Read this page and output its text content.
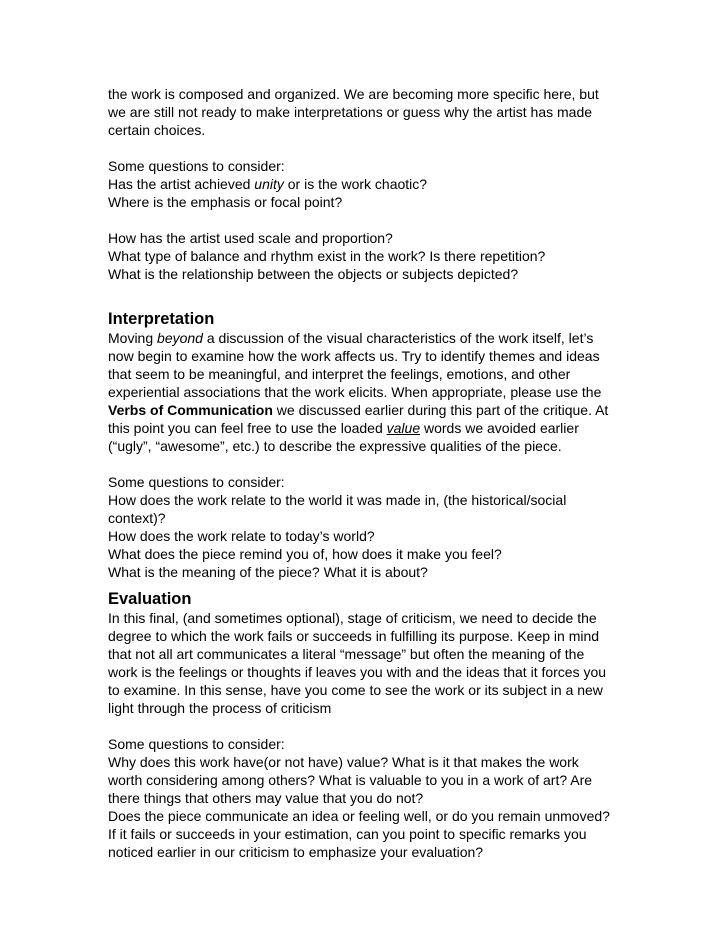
the work is composed and organized. We are becoming more specific here, but
we are still not ready to make interpretations or guess why the artist has made
certain choices.
Some questions to consider:
Has the artist achieved unity or is the work chaotic?
Where is the emphasis or focal point?
How has the artist used scale and proportion?
What type of balance and rhythm exist in the work? Is there repetition?
What is the relationship between the objects or subjects depicted?
Interpretation
Moving beyond a discussion of the visual characteristics of the work itself, let’s
now begin to examine how the work affects us. Try to identify themes and ideas
that seem to be meaningful, and interpret the feelings, emotions, and other
experiential associations that the work elicits. When appropriate, please use the
Verbs of Communication we discussed earlier during this part of the critique. At
this point you can feel free to use the loaded value words we avoided earlier
(“ugly”, “awesome”, etc.) to describe the expressive qualities of the piece.
Some questions to consider:
How does the work relate to the world it was made in, (the historical/social
context)?
How does the work relate to today’s world?
What does the piece remind you of, how does it make you feel?
What is the meaning of the piece? What it is about?
Evaluation
In this final, (and sometimes optional), stage of criticism, we need to decide the
degree to which the work fails or succeeds in fulfilling its purpose. Keep in mind
that not all art communicates a literal “message” but often the meaning of the
work is the feelings or thoughts if leaves you with and the ideas that it forces you
to examine. In this sense, have you come to see the work or its subject in a new
light through the process of criticism
Some questions to consider:
Why does this work have(or not have) value? What is it that makes the work
worth considering among others? What is valuable to you in a work of art? Are
there things that others may value that you do not?
Does the piece communicate an idea or feeling well, or do you remain unmoved?
If it fails or succeeds in your estimation, can you point to specific remarks you
noticed earlier in our criticism to emphasize your evaluation?
